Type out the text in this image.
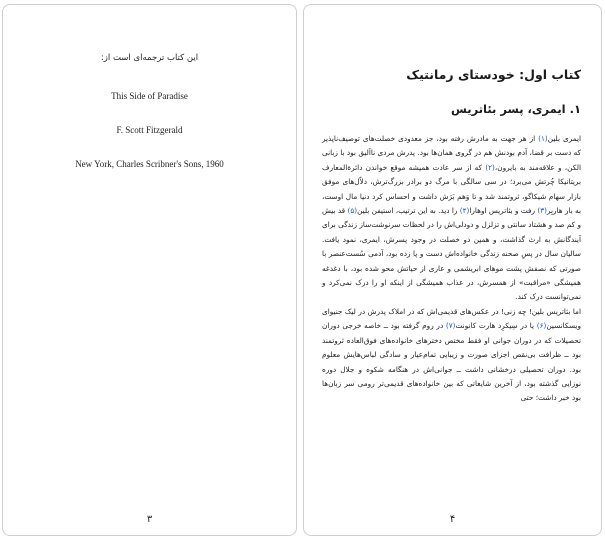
این کتاب ترجمه‌ای است از:

This Side of Paradise

F. Scott Fitzgerald

New York, Charles Scribner's Sons, 1960

۳
کتاب اول: خودستای رمانتیک
۱. ایمری، پسر بئاتریس

ایمری بلین(۱) از هر جهت به مادرش رفته بود، جز معدودی خصلت‌های توصیف‌ناپذیر که دست بر قضا، آدم بودنش هم در گروی همان‌ها بود. پدرش مردی ناآلیق بود با زبانی الکن، و علاقه‌مند به بایرون،(۲) که از سر عادت همیشه موقع خواندن دائرةالمعارف بریتانیکا چُرتش می‌برد؛ در سی سالگی با مرگ دو برادر بزرگ‌ترش، دلاّل‌های موفق بازار سهام شیکاگو، ثروتمند شد و تا وَهم بَرَش داشت و احساس کرد دنیا مال اوست، به بار هاربِر(۳) رفت و بئاتریس اوهارا(۴) را دید. به این ترتیب، استیفن بلین(۵) قد بیش و کم صد و هشتاد سانتی و تزلزل و دودلی‌اش را در لحظات سرنوشت‌ساز زندگی برای آیندگانش به ارث گذاشت، و همین دو خصلت در وجود پسرش، ایمری، نمود یافت. سالیان سال در پسِ صحنه زندگی خانواده‌اش دست و پا زده بود، آدمی سُست‌عنصر با صورتی که نصفش پشت موهای ابریشمی و عاری از حیاتش محو شده بود، با دغدغه همیشگی «مراقبت» از همسرش، در عذاب همیشگی از اینکه او را درک نمی‌کرد و نمی‌توانست درک کند.

اما بئاتریس بلین! چه زنی! در عکس‌های قدیمی‌اش که در املاک پدرش در لیک جنیوای ویسکانسین(۶) یا در سِیکرِد هارت کانونت(۷) در روم گرفته بود ــ خاصه خرجی دوران تحصیلات که در دوران جوانی او فقط مختص دخترهای خانواده‌های فوق‌العاده ثروتمند بود ــ ظرافت بی‌نقص اجزای صورت و زیبایی تمام‌عیار و سادگی لباس‌هایش معلوم بود. دوران تحصیلی درخشانی داشت ــ جوانی‌اش در هنگامه شکوه و جلال دوره نوزایی گذشته بود، از آخرین شایعاتی که بین خانواده‌های قدیمی‌تر رومی سر زبان‌ها بود خبر داشت؛ حتی

۴
